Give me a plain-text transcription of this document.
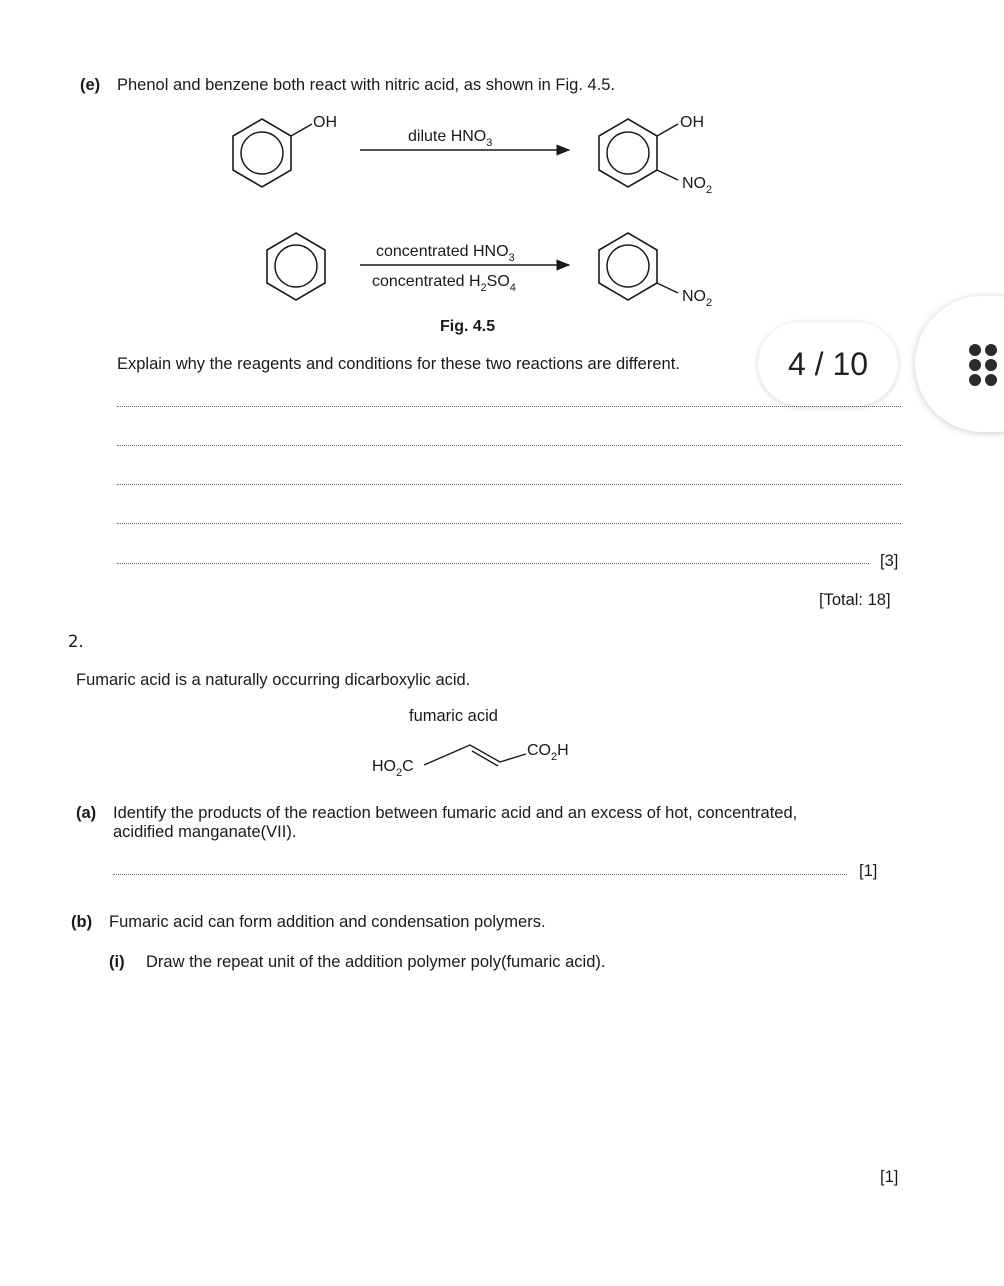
(e) Phenol and benzene both react with nitric acid, as shown in Fig. 4.5.
OH
dilute $HNO_3$
OH
$NO_2$
concentrated $HNO_3$
concentrated $H_2SO_4$	$NO_2$
Fig. 4.5
Explain why the reagents and conditions for these two reactions are different.
[3]
[Total: 18]
2.
Fumaric acid is a naturally occurring dicarboxylic acid.
fumaric acid
$HO_2C$
$CO_2H$
(a) Identify the products of the reaction between fumaric acid and an excess of hot, concentrated,
acidified manganate(VII).
[1]
(b) Fumaric acid can form addition and condensation polymers.
(i) Draw the repeat unit of the addition polymer poly(fumaric acid).
[1]
4 / 10
